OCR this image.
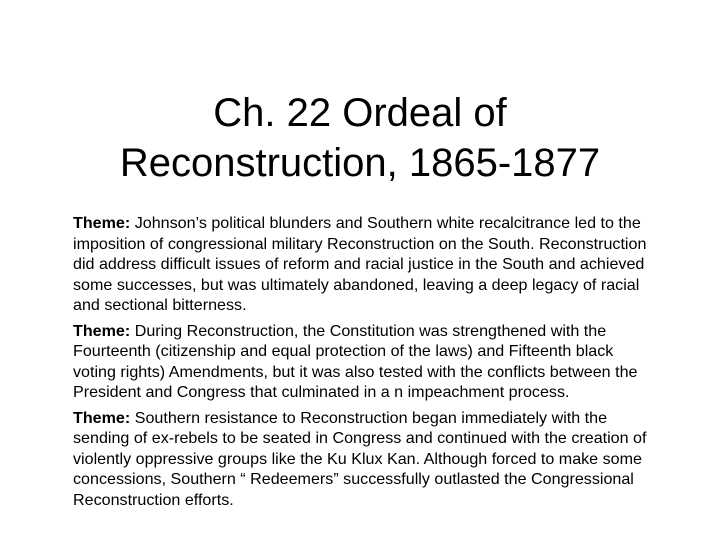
Ch. 22 Ordeal of
Reconstruction, 1865-1877

Theme: Johnson’s political blunders and Southern white recalcitrance led to the imposition of congressional military Reconstruction on the South. Reconstruction did address difficult issues of reform and racial justice in the South and achieved some successes, but was ultimately abandoned, leaving a deep legacy of racial and sectional bitterness.

Theme: During Reconstruction, the Constitution was strengthened with the Fourteenth (citizenship and equal protection of the laws) and Fifteenth black voting rights) Amendments, but it was also tested with the conflicts between the President and Congress that culminated in a n impeachment process.

Theme: Southern resistance to Reconstruction began immediately with the sending of ex-rebels to be seated in Congress and continued with the creation of violently oppressive groups like the Ku Klux Kan. Although forced to make some concessions, Southern “ Redeemers” successfully outlasted the Congressional Reconstruction efforts.
